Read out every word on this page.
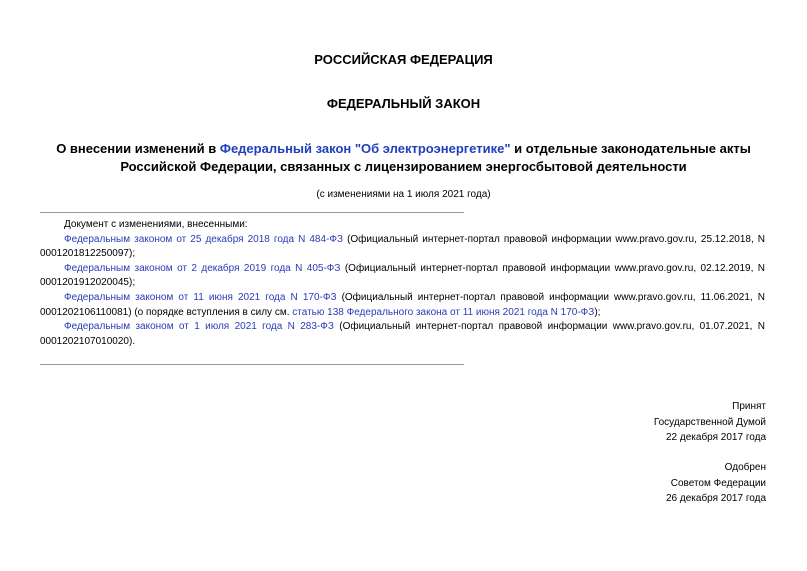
РОССИЙСКАЯ ФЕДЕРАЦИЯ
ФЕДЕРАЛЬНЫЙ ЗАКОН
О внесении изменений в Федеральный закон "Об электроэнергетике" и отдельные законодательные акты Российской Федерации, связанных с лицензированием энергосбытовой деятельности
(с изменениями на 1 июля 2021 года)

Документ с изменениями, внесенными:

Федеральным законом от 25 декабря 2018 года N 484-ФЗ (Официальный интернет-портал правовой информации www.pravo.gov.ru, 25.12.2018, N 0001201812250097);

Федеральным законом от 2 декабря 2019 года N 405-ФЗ (Официальный интернет-портал правовой информации www.pravo.gov.ru, 02.12.2019, N 0001201912020045);

Федеральным законом от 11 июня 2021 года N 170-ФЗ (Официальный интернет-портал правовой информации www.pravo.gov.ru, 11.06.2021, N 0001202106110081) (о порядке вступления в силу см. статью 138 Федерального закона от 11 июня 2021 года N 170-ФЗ);

Федеральным законом от 1 июля 2021 года N 283-ФЗ (Официальный интернет-портал правовой информации www.pravo.gov.ru, 01.07.2021, N 0001202107010020).

Принят
Государственной Думой
22 декабря 2017 года
Одобрен
Советом Федерации
26 декабря 2017 года
